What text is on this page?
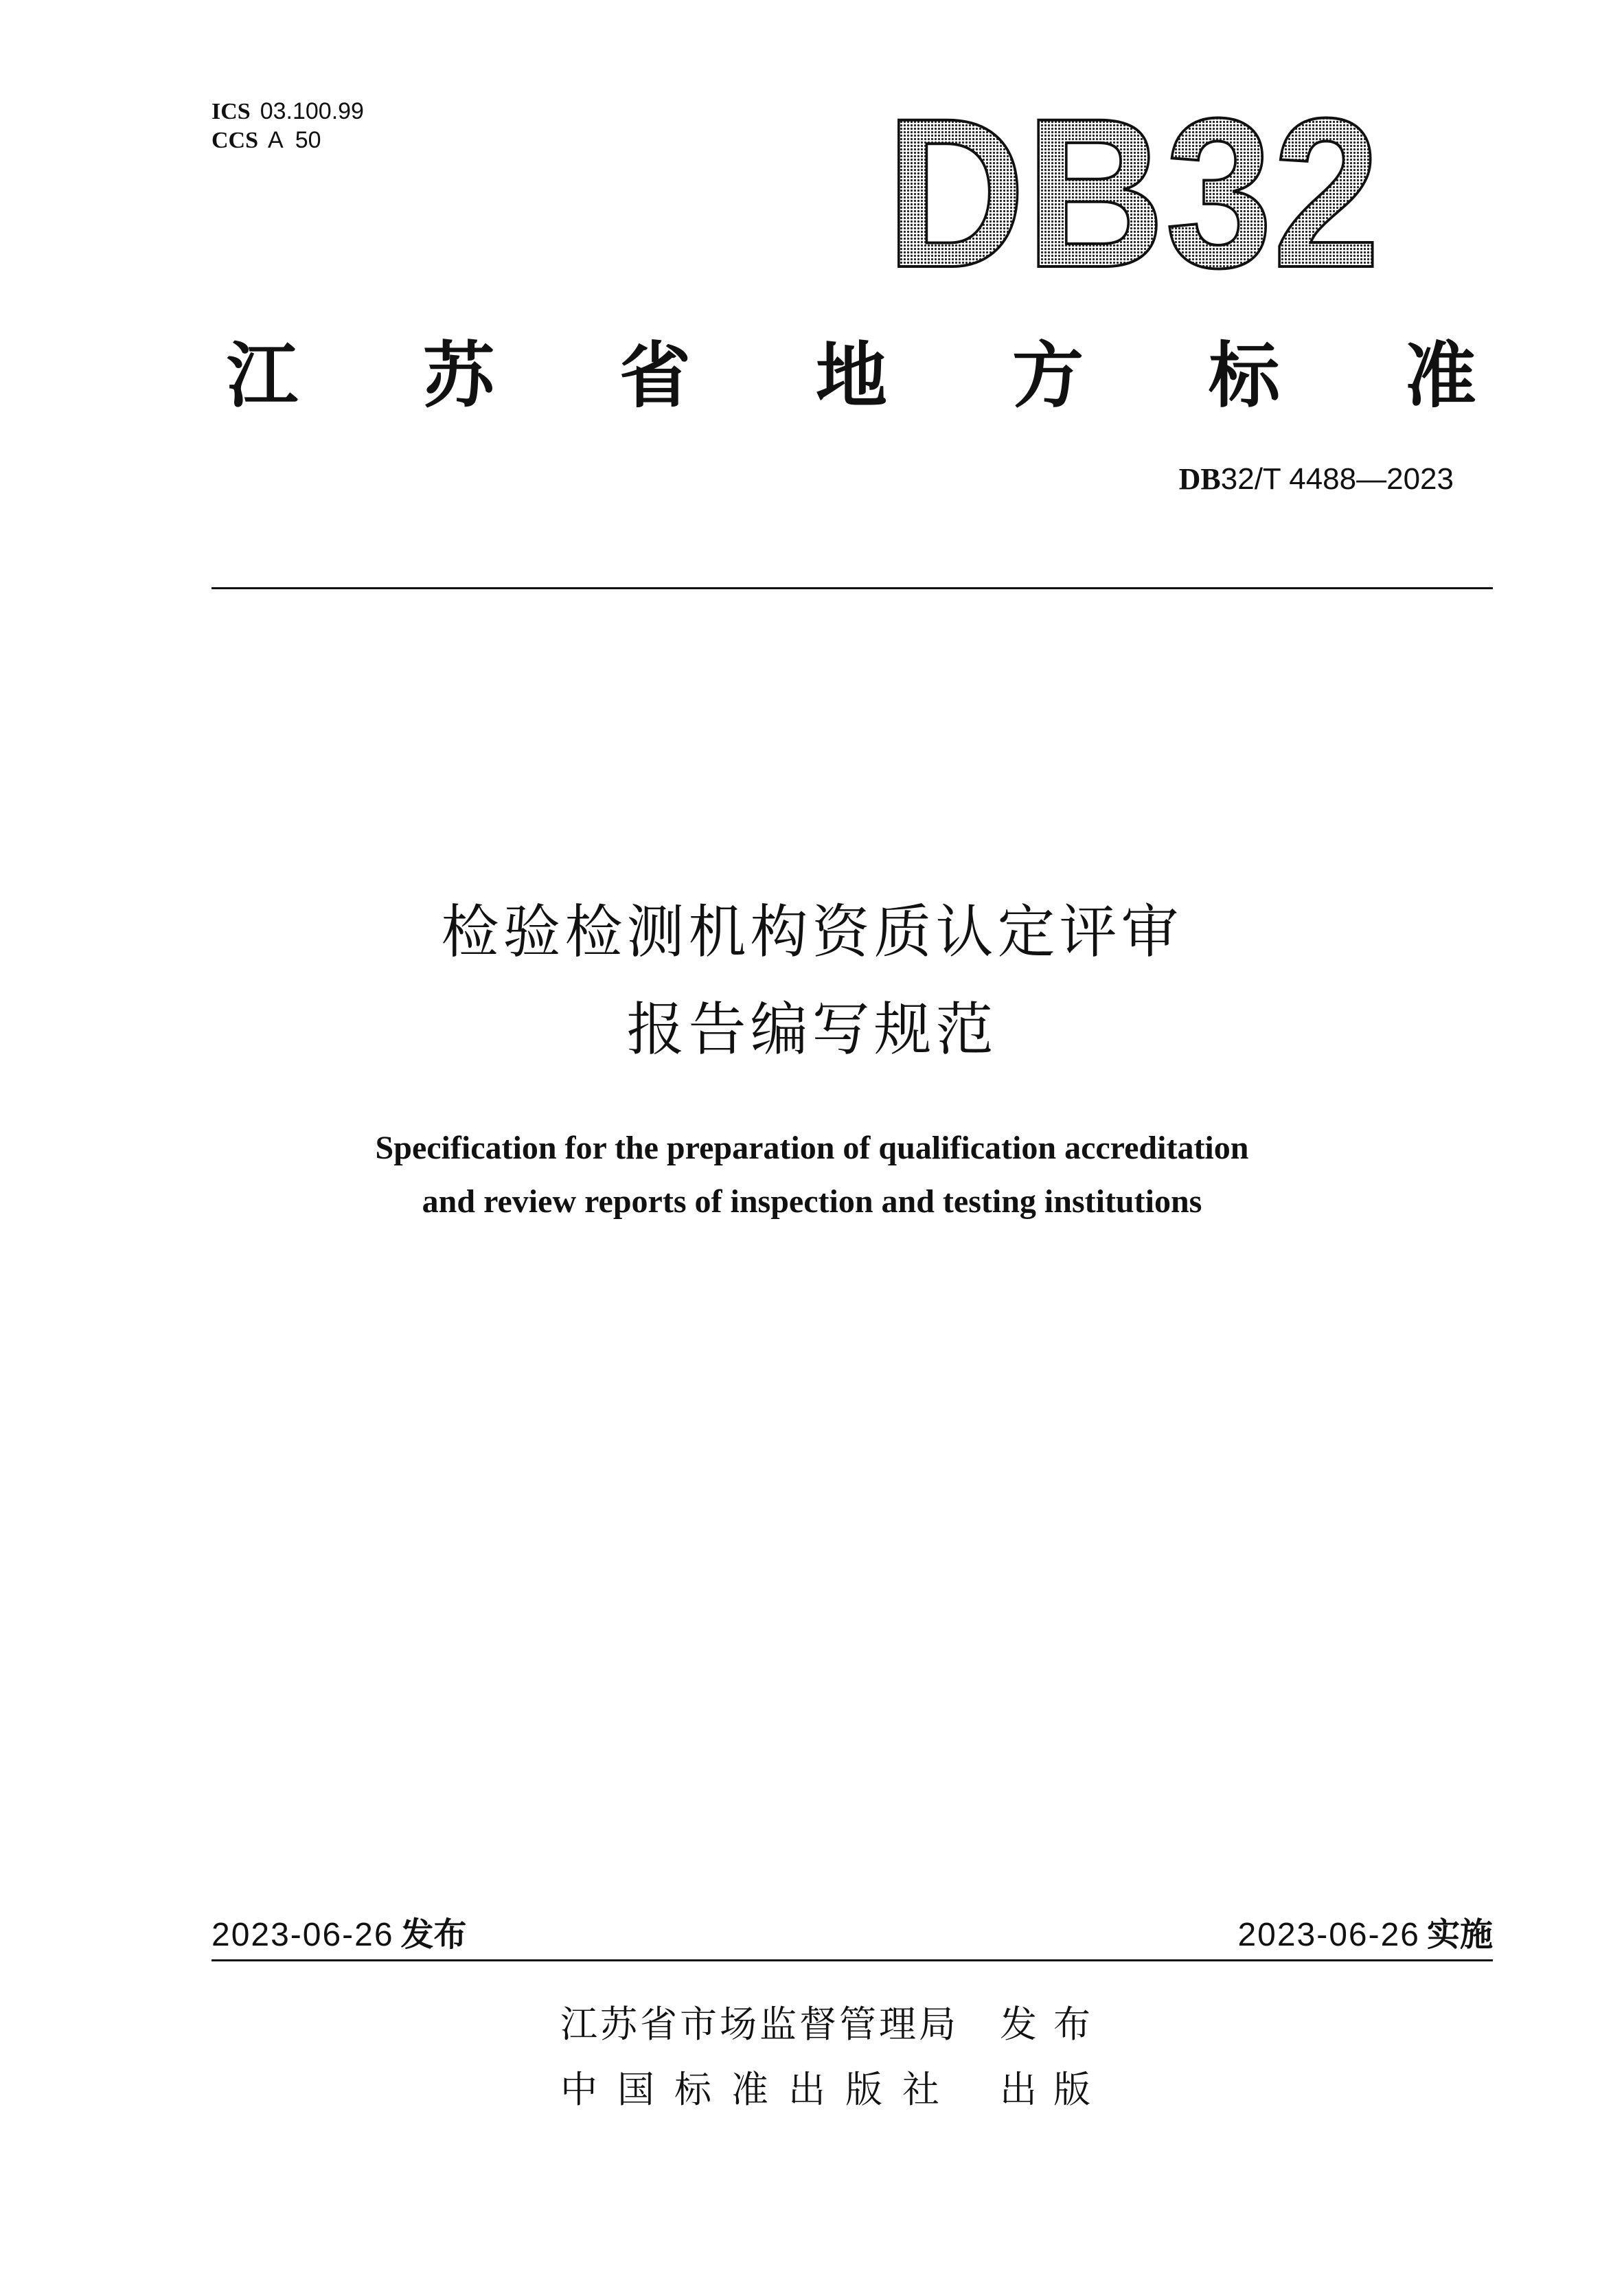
ICS 03.100.99
CCS A  50	DB32
江 苏 省 地 方 标 准
DB32/T 4488—2023
检验检测机构资质认定评审
报告编写规范
Specification for the preparation of qualification accreditation
and review reports of inspection and testing institutions
2023-06-26 发布	2023-06-26 实施
江苏省市场监督管理局 发布
中国标准出版社 出版
